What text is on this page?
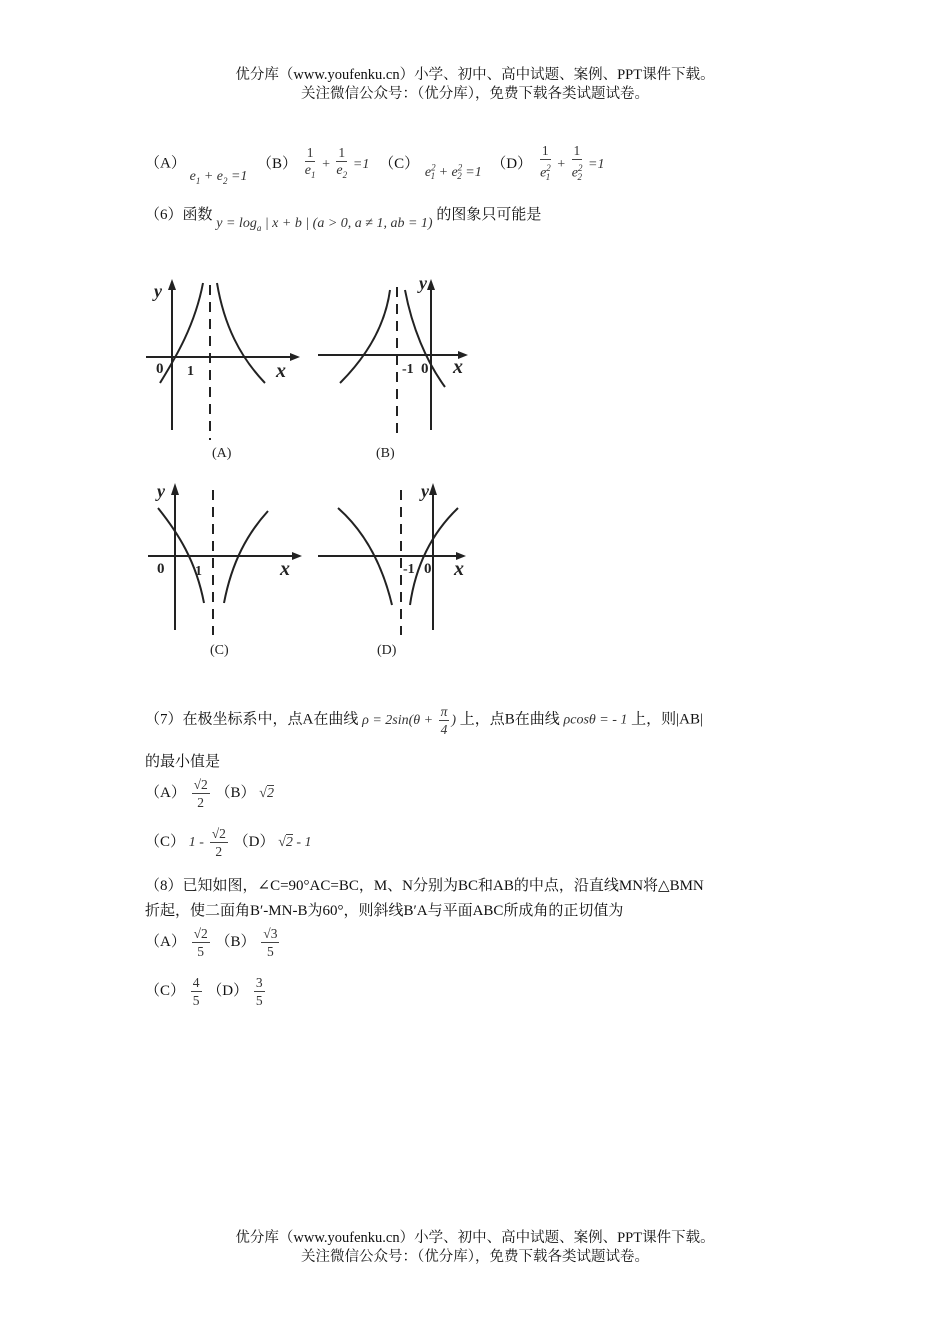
优分库（www.youfenku.cn）小学、初中、高中试题、案例、PPT课件下载。
关注微信公众号：（优分库），免费下载各类试题试卷。
（A） $e_1 + e_2 =1$ $(B) \frac{1}{e_1} + \frac{1}{e_2} =1$ （C） $e^2_1 + e^2_2 =1$ $(D) \frac{1}{e^2_1} + \frac{1}{e^2_2} =1$
（6）函数 $y = \log_a$ | x + b | (a > 0, a ≠ 1, ab = 1) 的图象只可能是
0 1
y
x
(A)
-1 0
y
x
(B)
0 1
y
x
(C)
-1 0
y
x
(D)
（7）在极坐标系中，点A在曲线 $\rho = 2\sin(\theta + \frac{\pi}{4}$ ) 上，点B在曲线 ρcosθ = - 1 上，则|AB|
的最小值是
$(A) \frac{√2}{2} (B)$ √2
（C） $1 - \frac{√2}{2} (D)$ √2 - 1
（8）已知如图，∠C=90°AC=BC，M、N分别为BC和AB的中点，沿直线MN将△BMN
折起，使二面角B′-MN-B为60°，则斜线B′A与平面ABC所成角的正切值为
$(A) \frac{√2}{5} (B) \frac{√3}{5}$
$(C) \frac{4}{5} (D) \frac{3}{5}$
优分库（www.youfenku.cn）小学、初中、高中试题、案例、PPT课件下载。
关注微信公众号：（优分库），免费下载各类试题试卷。
